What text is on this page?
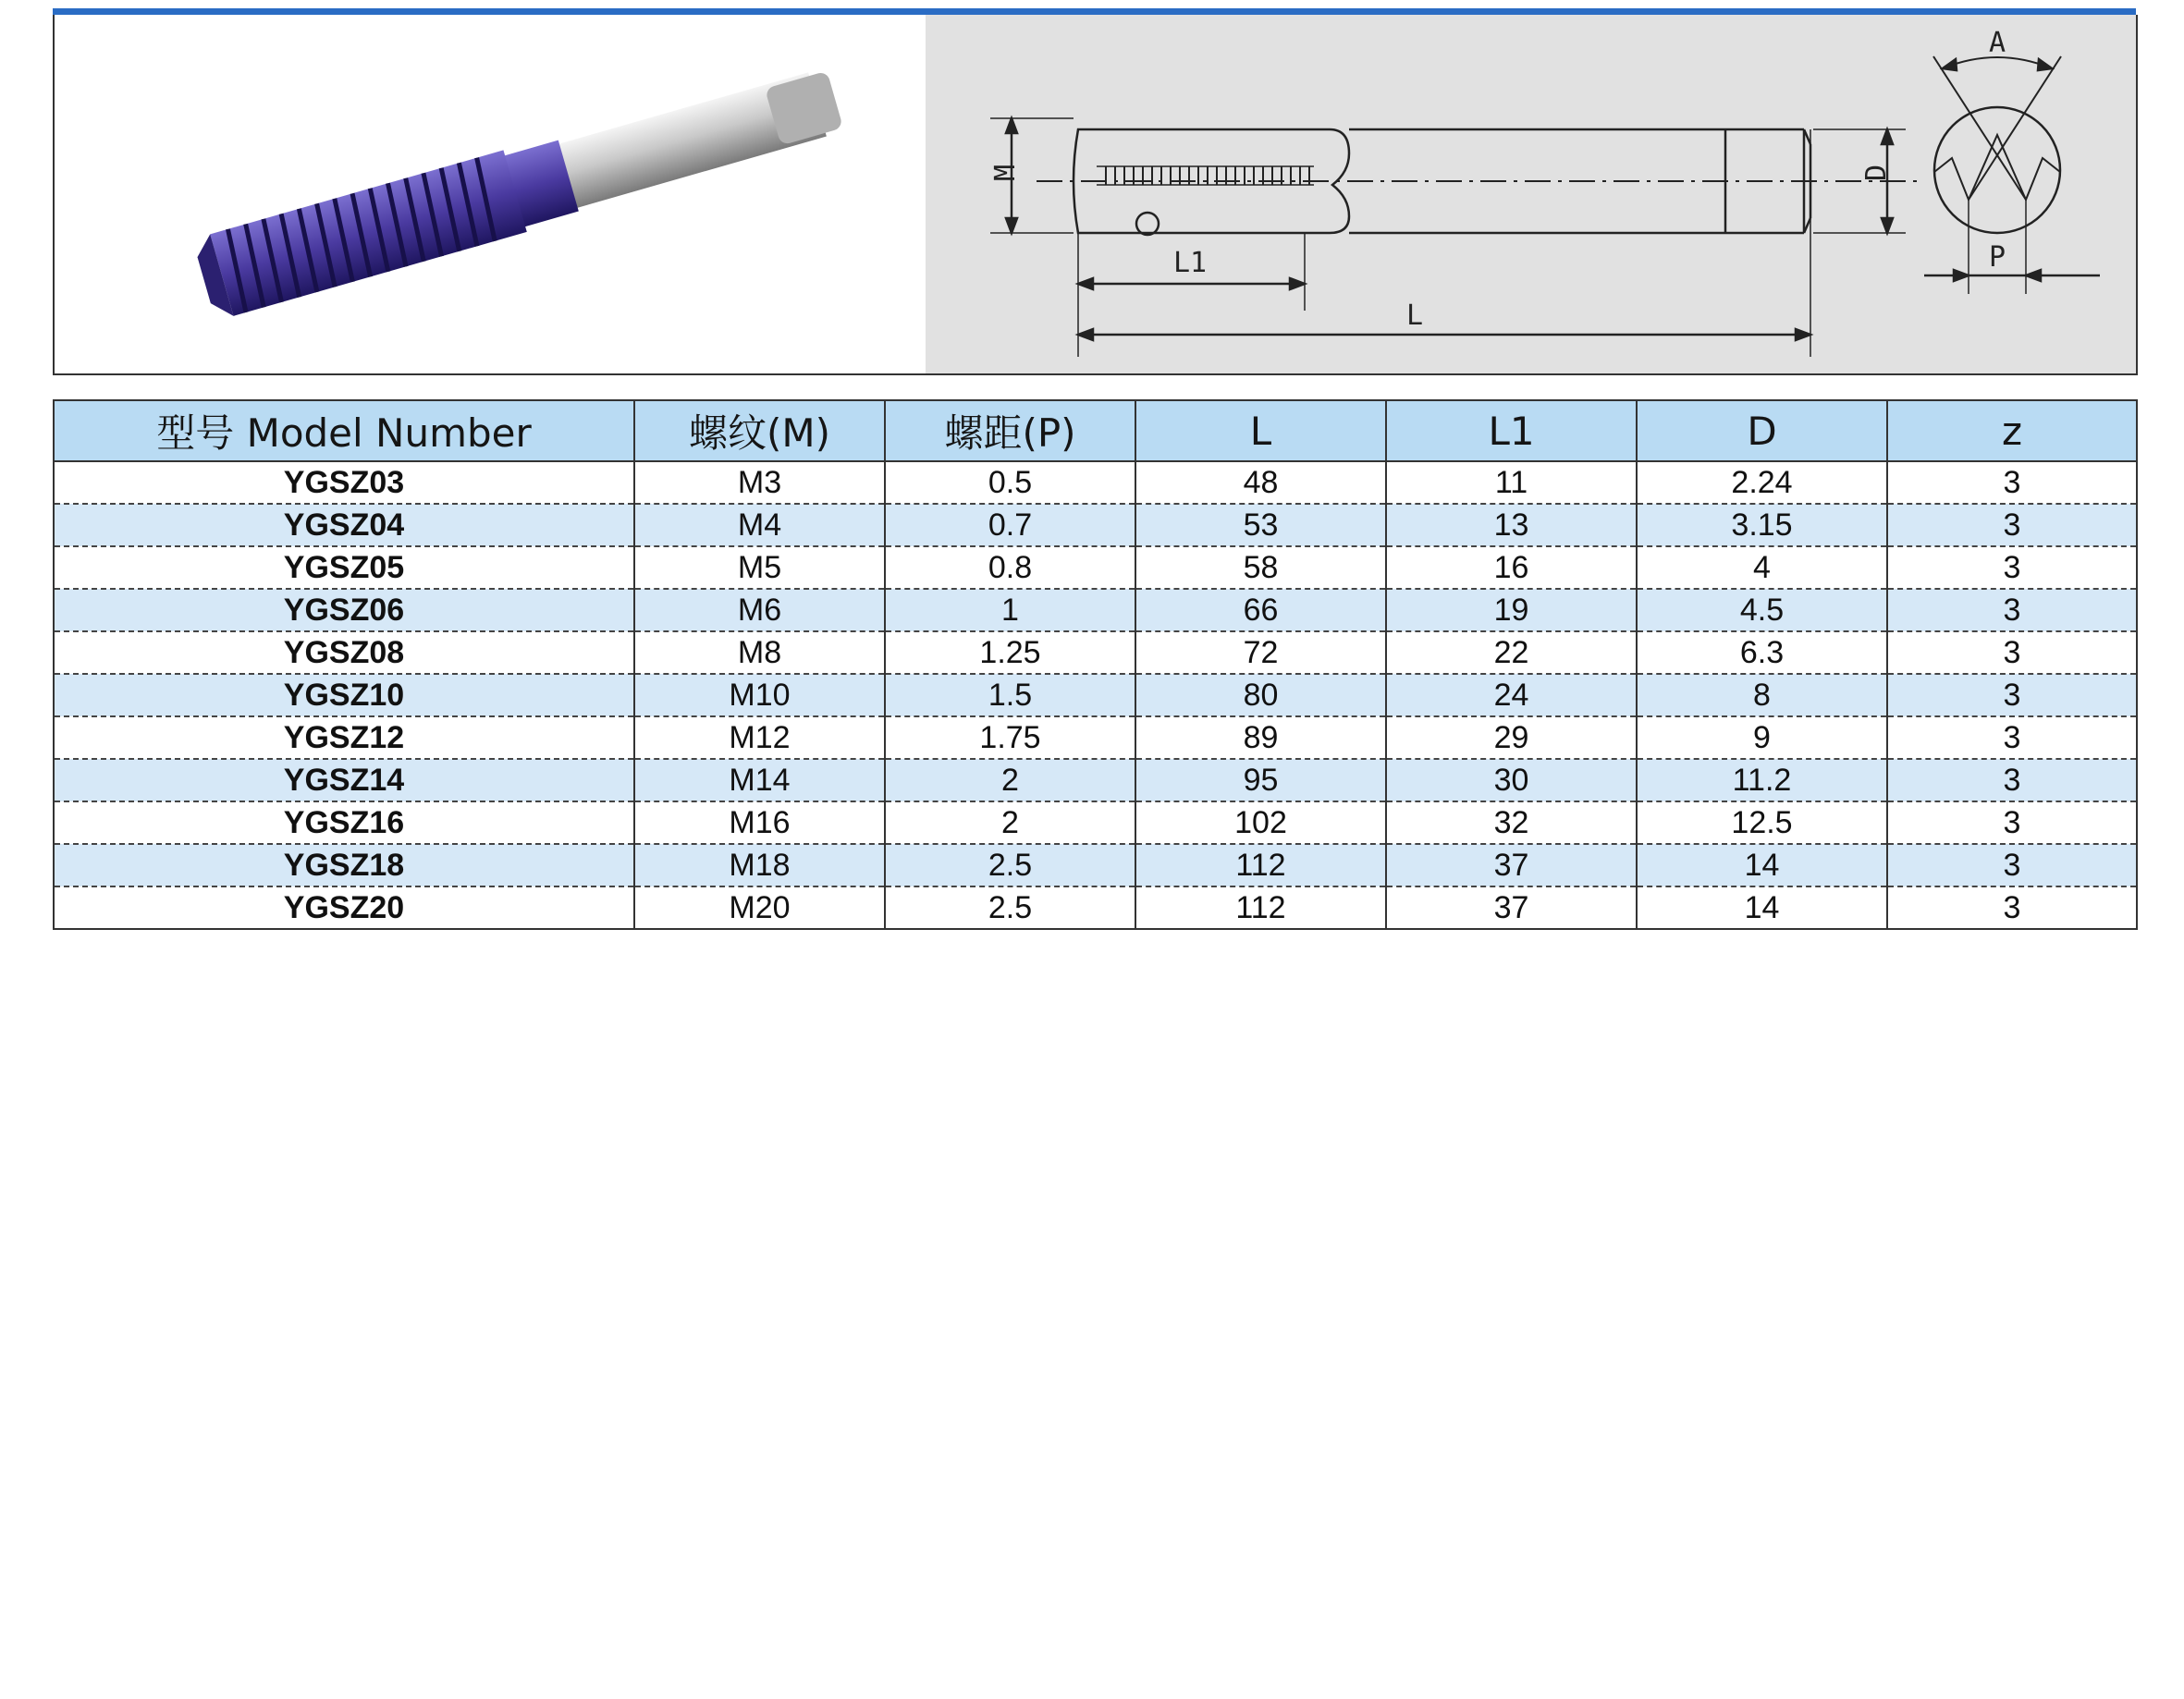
M
L1
L
D
A
P
型号 Model Number	螺纹(M)	螺距(P)	L	L1	D	z
YGSZ03	M3	0.5	48	11	2.24	3
YGSZ04	M4	0.7	53	13	3.15	3
YGSZ05	M5	0.8	58	16	4	3
YGSZ06	M6	1	66	19	4.5	3
YGSZ08	M8	1.25	72	22	6.3	3
YGSZ10	M10	1.5	80	24	8	3
YGSZ12	M12	1.75	89	29	9	3
YGSZ14	M14	2	95	30	11.2	3
YGSZ16	M16	2	102	32	12.5	3
YGSZ18	M18	2.5	112	37	14	3
YGSZ20	M20	2.5	112	37	14	3
